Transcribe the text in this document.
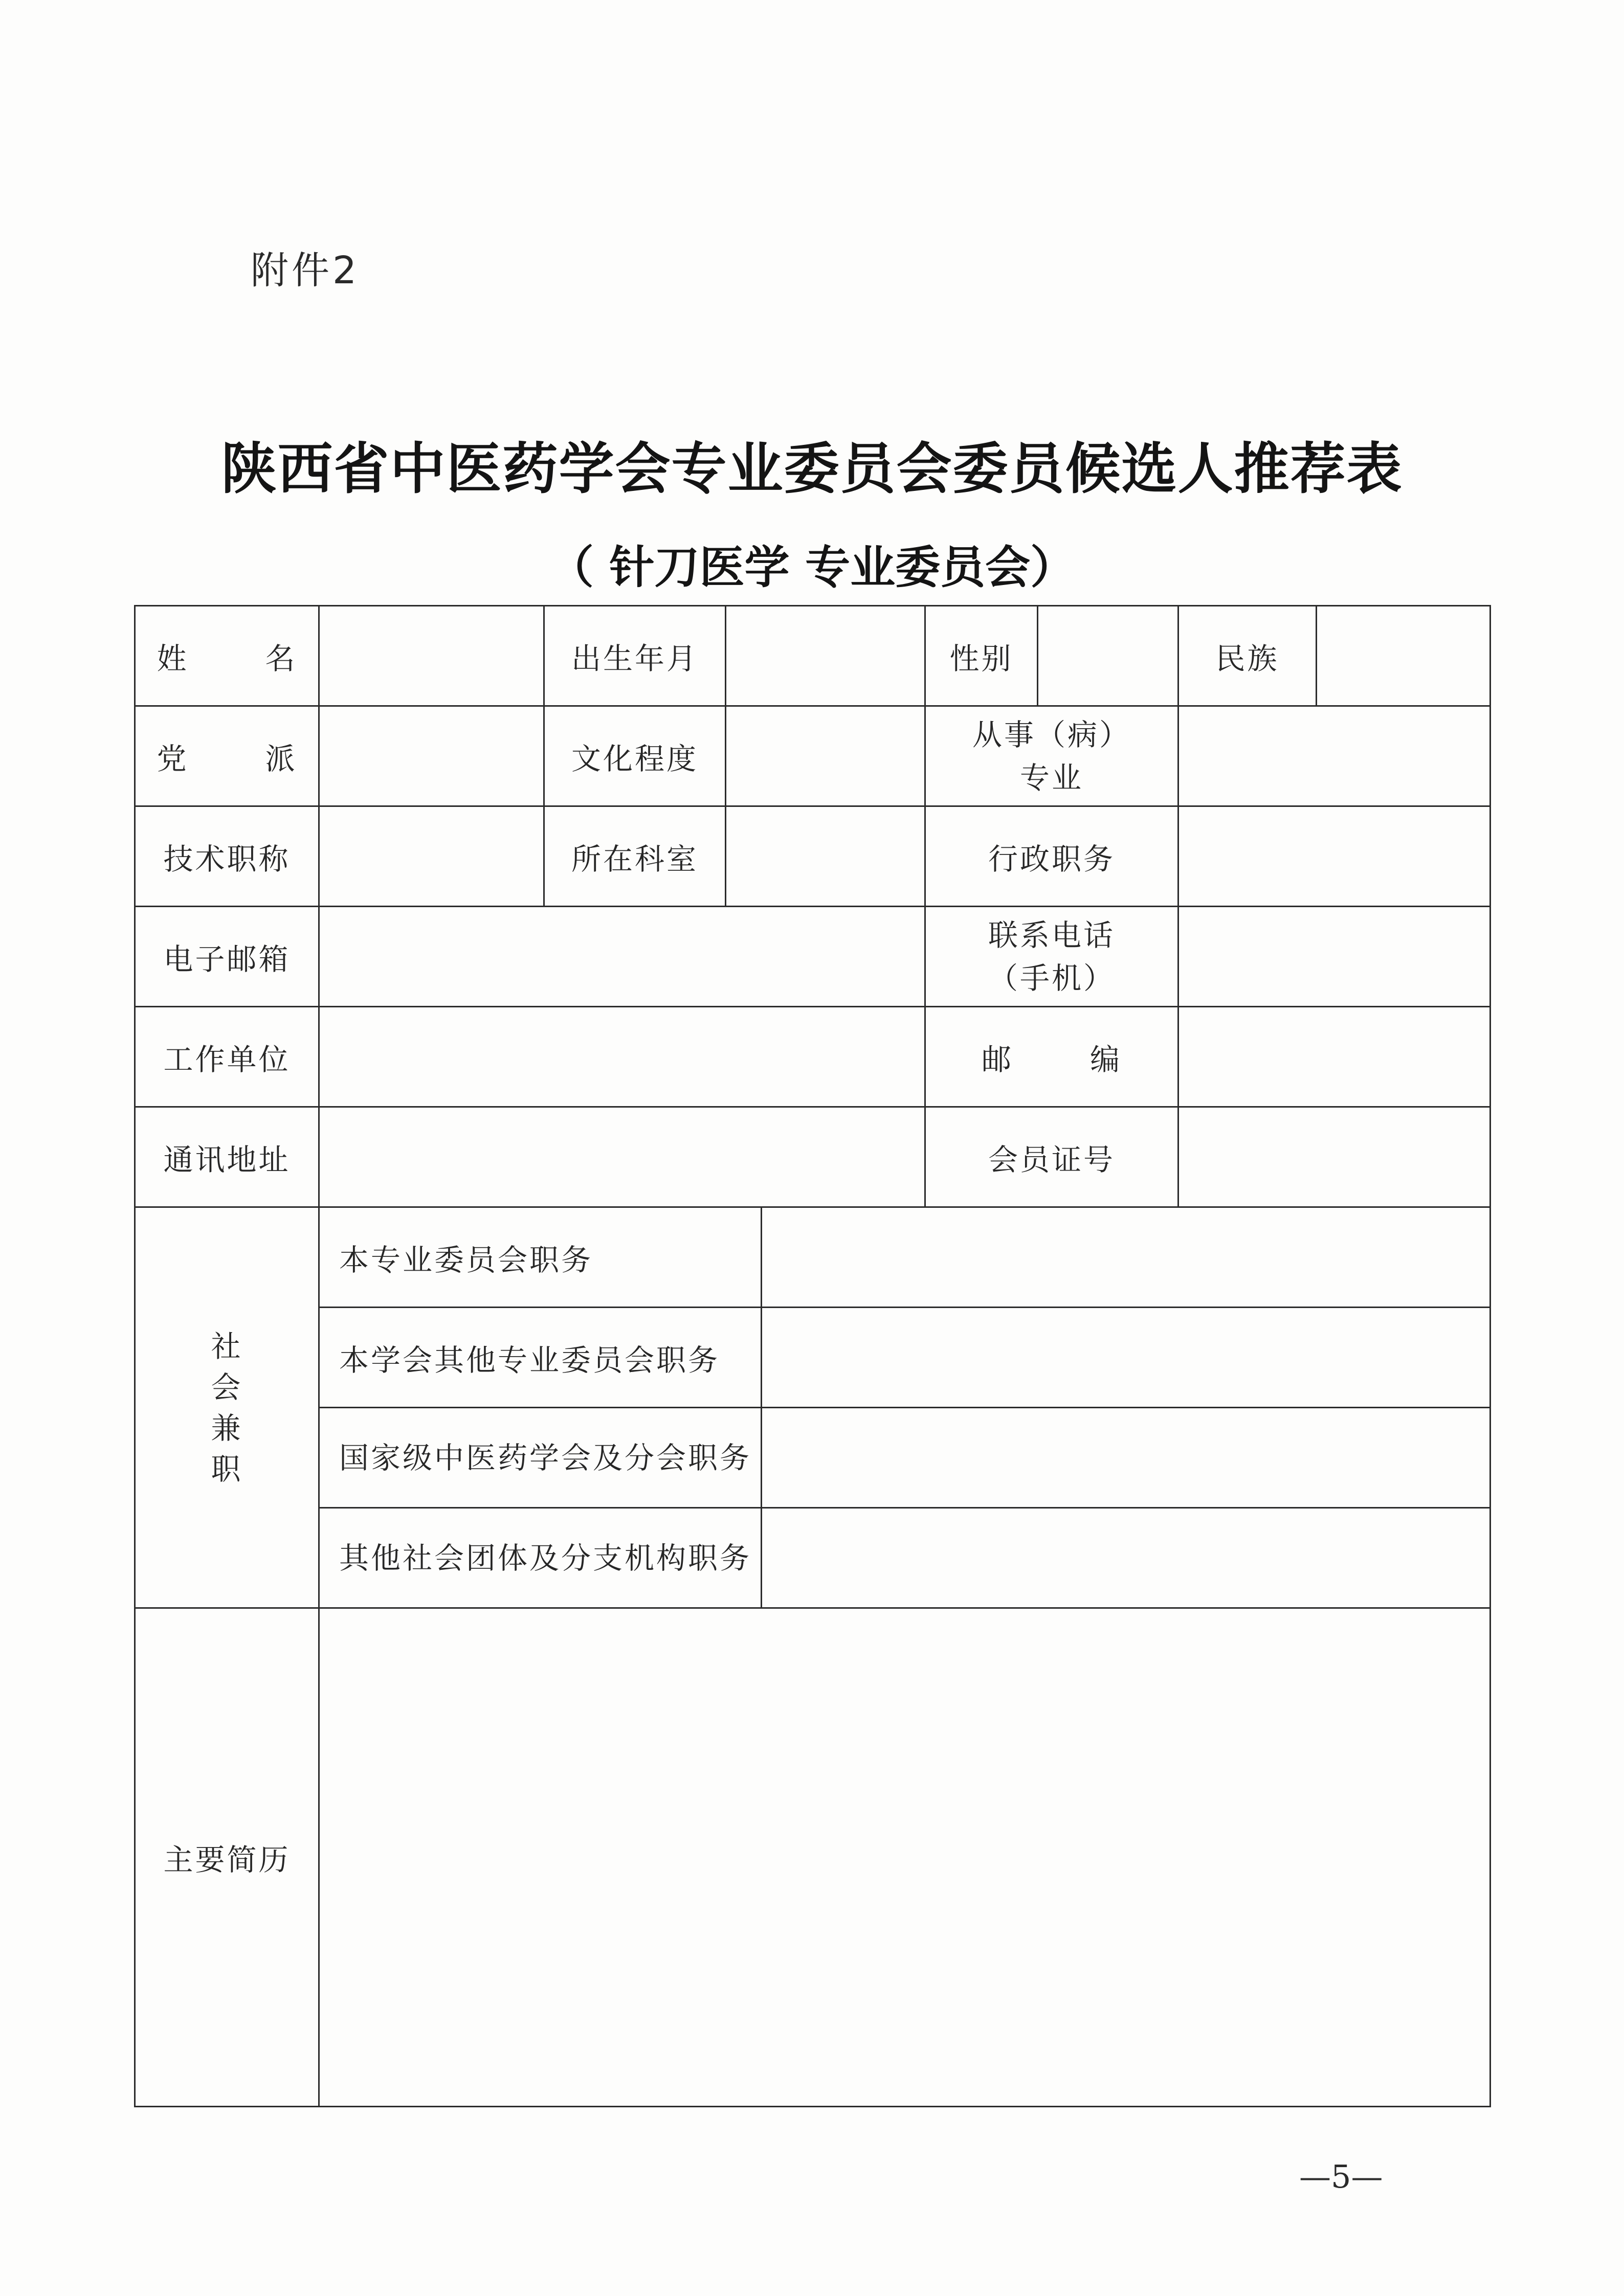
附件2
陕西省中医药学会专业委员会委员候选人推荐表
（ 针刀医学 专业委员会）
姓 名		出生年月			性别		民族	
党 派		文化程度			从事（病）
专业			

技术职称		所在科室			行政职务			
电子邮箱					联系电话
（手机）			

工作单位					邮 编			
通讯地址					会员证号			

社
会
兼
职	本专业委员会职务							
	本学会其他专业委员会职务							
	国家级中医药学会及分会职务							
	其他社会团体及分支机构职务							
主要简历								
—5—
